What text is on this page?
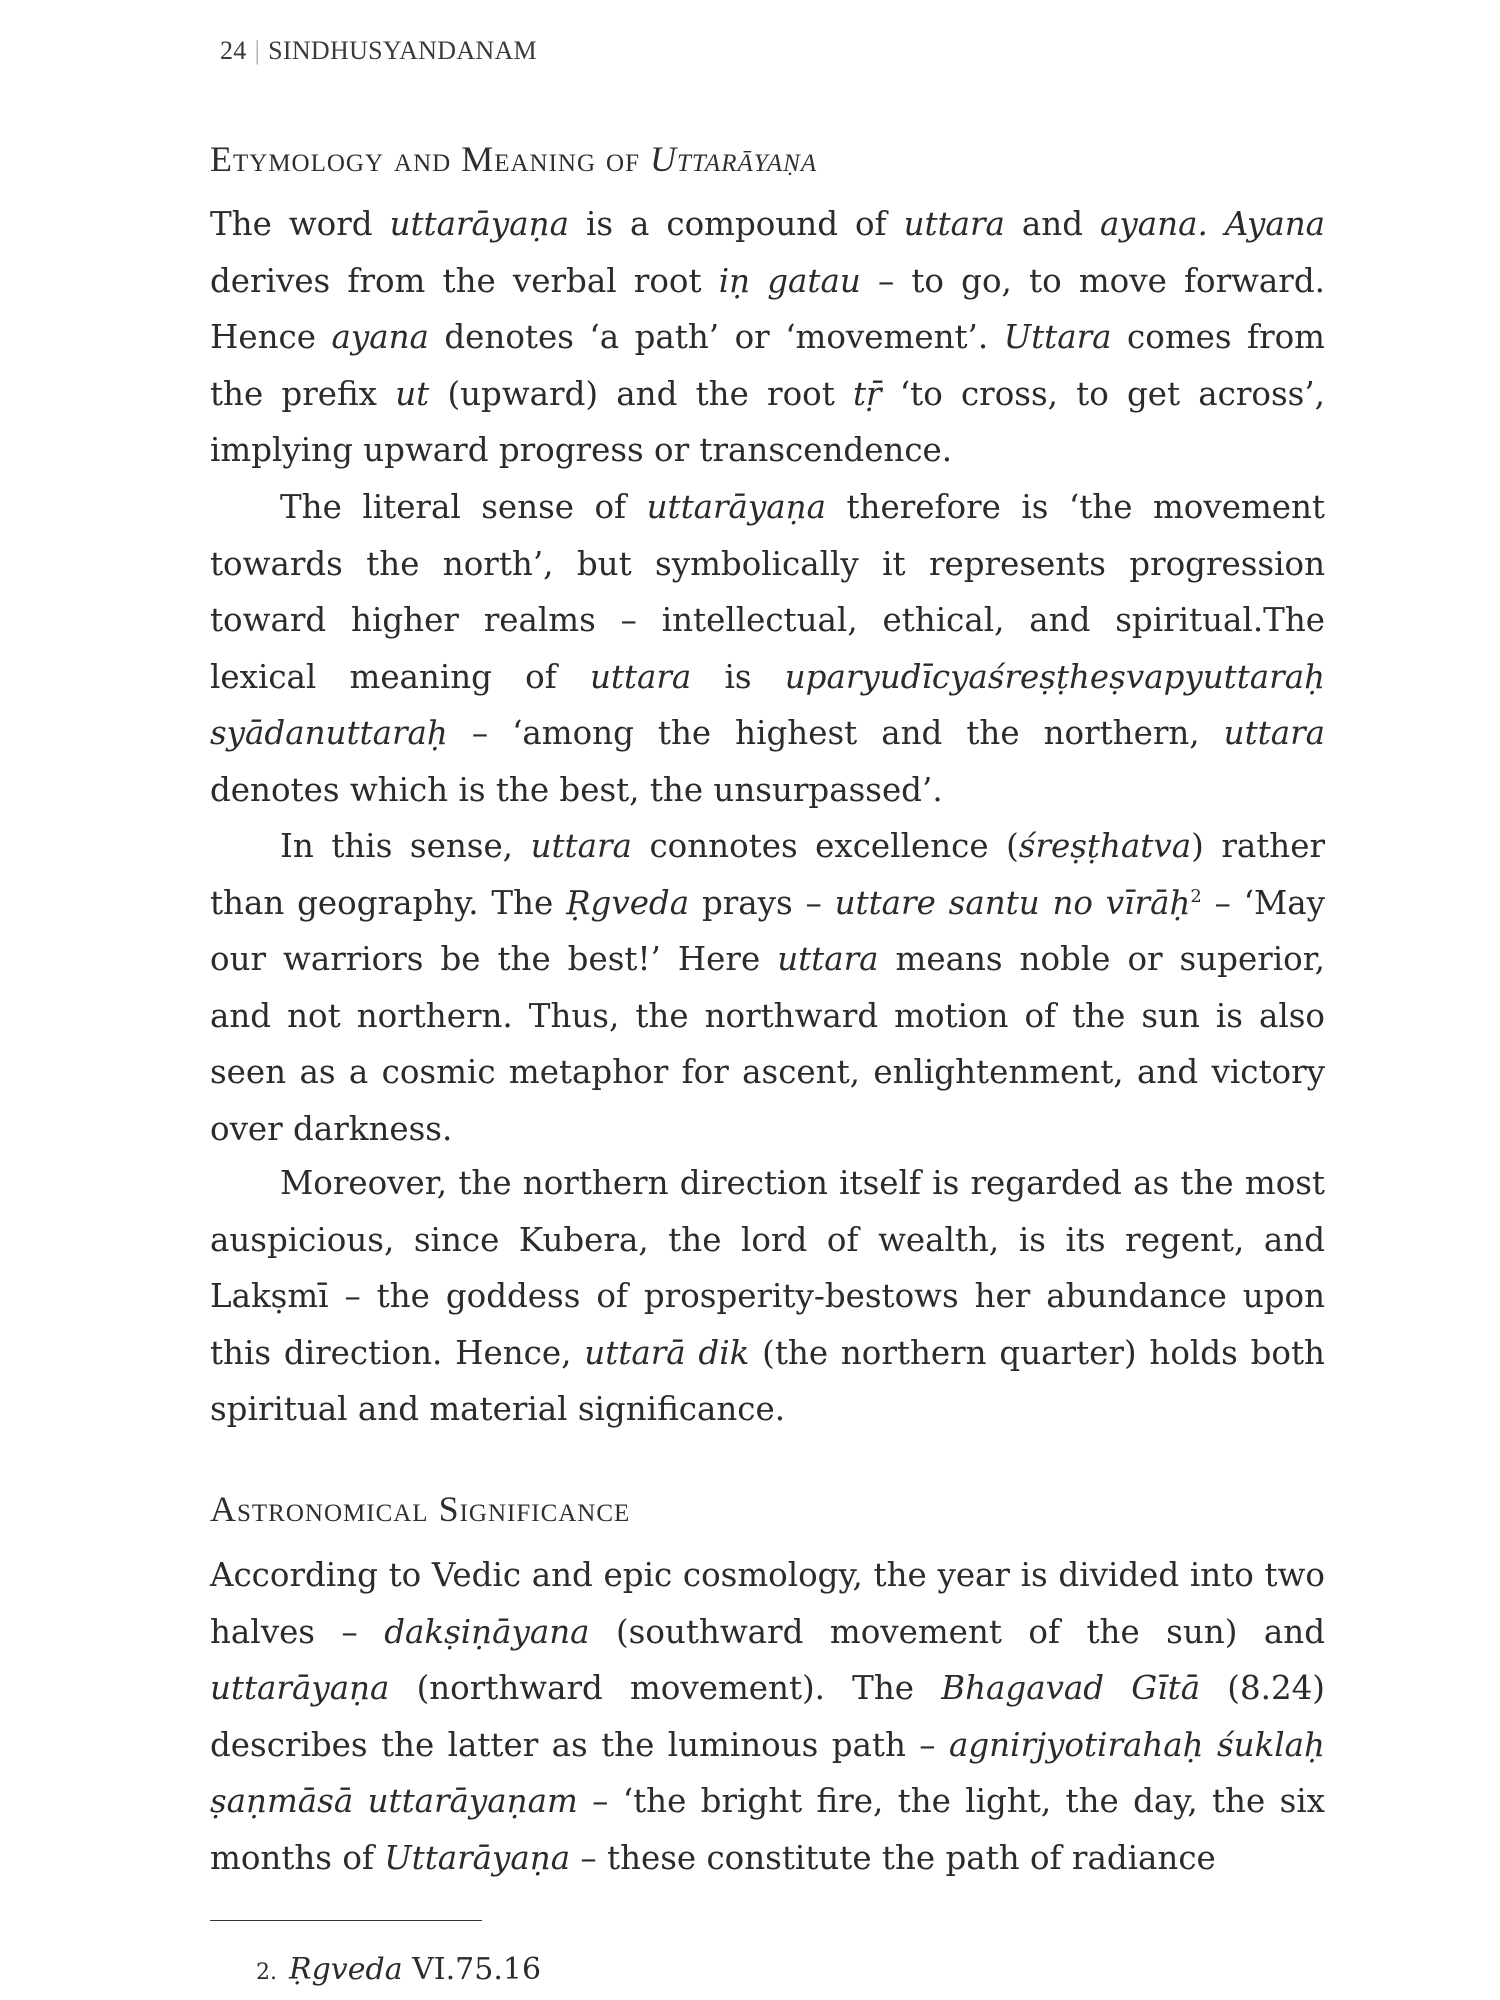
24 | SINDHUSYANDANAM
Etymology and Meaning of Uttarāyaṇa

The word uttarāyaṇa is a compound of uttara and ayana. Ayana derives from the verbal root iṇ gatau – to go, to move forward. Hence ayana denotes ‘a path’ or ‘movement’. Uttara comes from the prefix ut (upward) and the root tṝ ‘to cross, to get across’, implying upward progress or transcendence.

The literal sense of uttarāyaṇa therefore is ‘the movement towards the north’, but symbolically it represents progression toward higher realms – intellectual, ethical, and spiritual.The lexical meaning of uttara is uparyudīcyaśreṣṭheṣvapyuttaraḥ syādanuttaraḥ – ‘among the highest and the northern, uttara denotes which is the best, the unsurpassed’.

In this sense, uttara connotes excellence (śreṣṭhatva) rather than geography. The Ṛgveda prays – uttare santu no vīrāḥ$^2$ – ‘May our warriors be the best!’ Here uttara means noble or superior, and not northern. Thus, the northward motion of the sun is also seen as a cosmic metaphor for ascent, enlightenment, and victory over darkness.

Moreover, the northern direction itself is regarded as the most auspicious, since Kubera, the lord of wealth, is its regent, and Lakṣmī – the goddess of prosperity-bestows her abundance upon this direction. Hence, uttarā dik (the northern quarter) holds both spiritual and material significance.

Astronomical Significance

According to Vedic and epic cosmology, the year is divided into two halves – dakṣiṇāyana (southward movement of the sun) and uttarāyaṇa (northward movement). The Bhagavad Gītā (8.24) describes the latter as the luminous path – agnirjyotirahaḥ śuklaḥ ṣaṇmāsā uttarāyaṇam – ‘the bright fire, the light, the day, the six months of Uttarāyaṇa – these constitute the path of radiance

2. Ṛgveda VI.75.16
